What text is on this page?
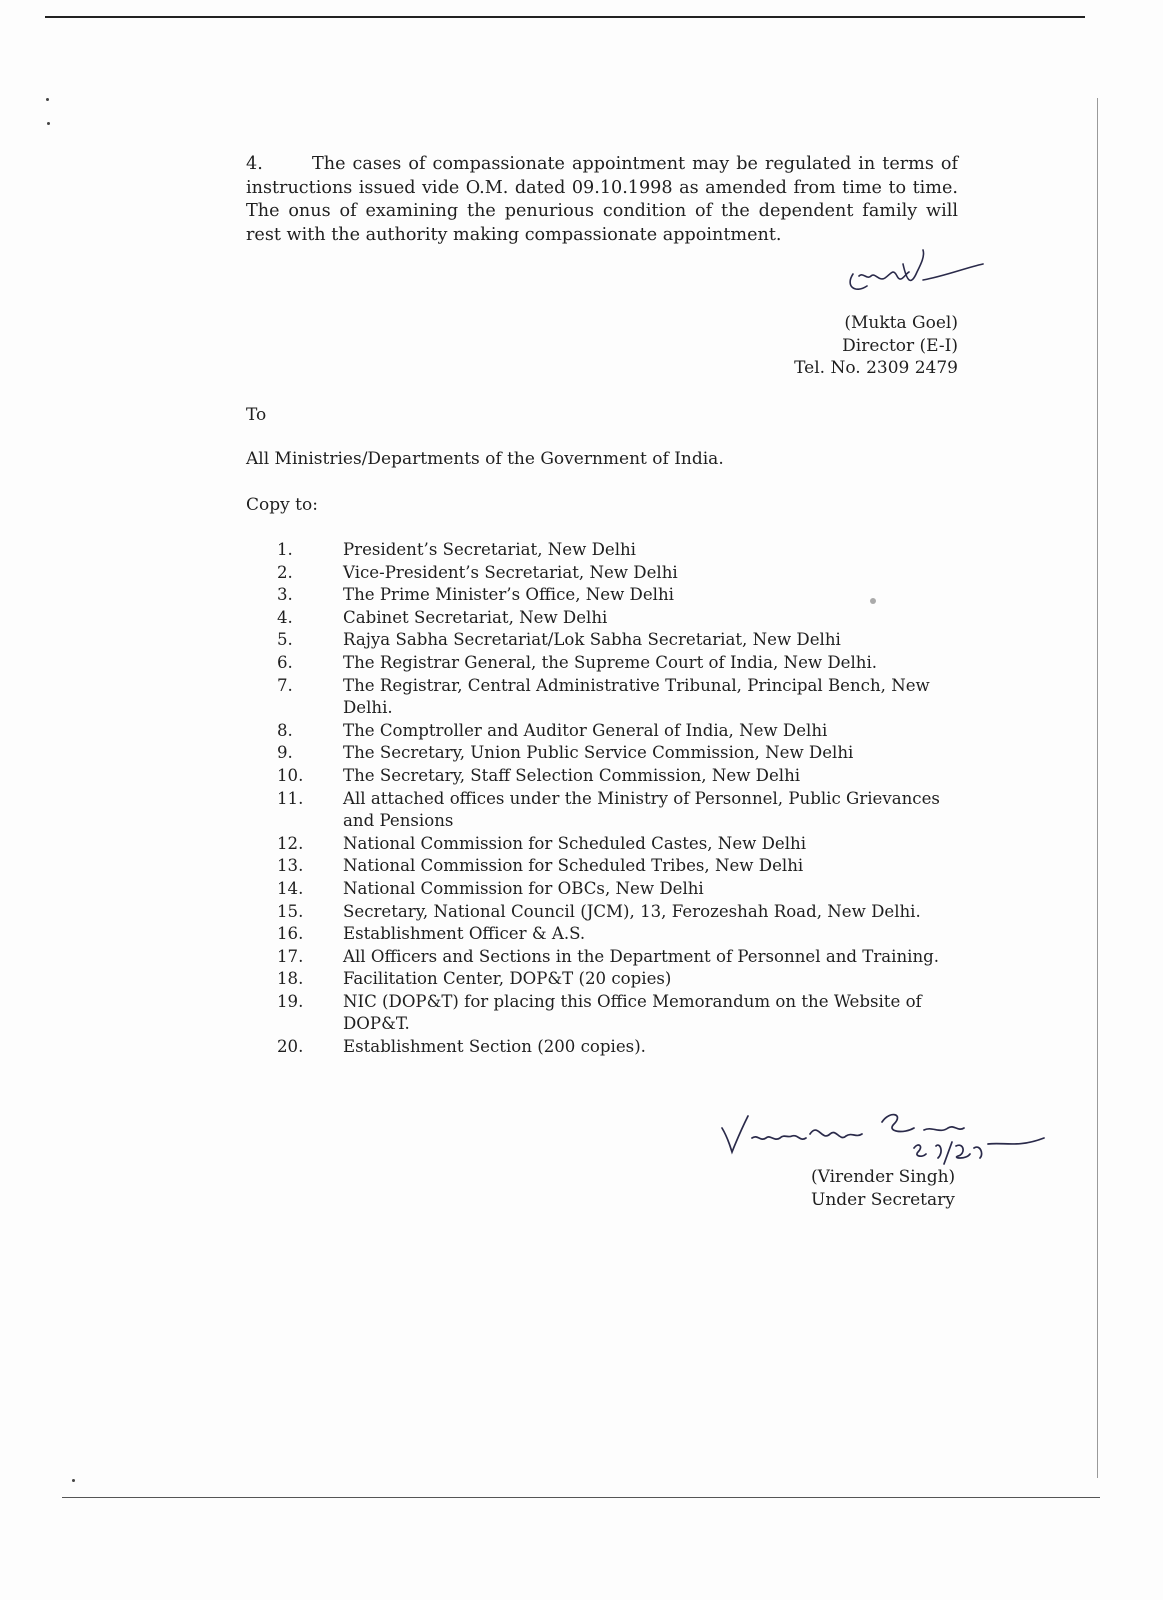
4.	The cases of compassionate appointment may be regulated in terms of instructions issued vide O.M. dated 09.10.1998 as amended from time to time. The onus of examining the penurious condition of the dependent family will rest with the authority making compassionate appointment.
(Mukta Goel)
Director (E-I)
Tel. No. 2309 2479
To
All Ministries/Departments of the Government of India.
Copy to:
1.	President’s Secretariat, New Delhi
2.	Vice-President’s Secretariat, New Delhi
3.	The Prime Minister’s Office, New Delhi
4.	Cabinet Secretariat, New Delhi
5.	Rajya Sabha Secretariat/Lok Sabha Secretariat, New Delhi
6.	The Registrar General, the Supreme Court of India, New Delhi.
7.	The Registrar, Central Administrative Tribunal, Principal Bench, New Delhi.
8.	The Comptroller and Auditor General of India, New Delhi
9.	The Secretary, Union Public Service Commission, New Delhi
10.	The Secretary, Staff Selection Commission, New Delhi
11.	All attached offices under the Ministry of Personnel, Public Grievances and Pensions
12.	National Commission for Scheduled Castes, New Delhi
13.	National Commission for Scheduled Tribes, New Delhi
14.	National Commission for OBCs, New Delhi
15.	Secretary, National Council (JCM), 13, Ferozeshah Road, New Delhi.
16.	Establishment Officer & A.S.
17.	All Officers and Sections in the Department of Personnel and Training.
18.	Facilitation Center, DOP&T (20 copies)
19.	NIC (DOP&T) for placing this Office Memorandum on the Website of DOP&T.
20.	Establishment Section (200 copies).
(Virender Singh)
Under Secretary
